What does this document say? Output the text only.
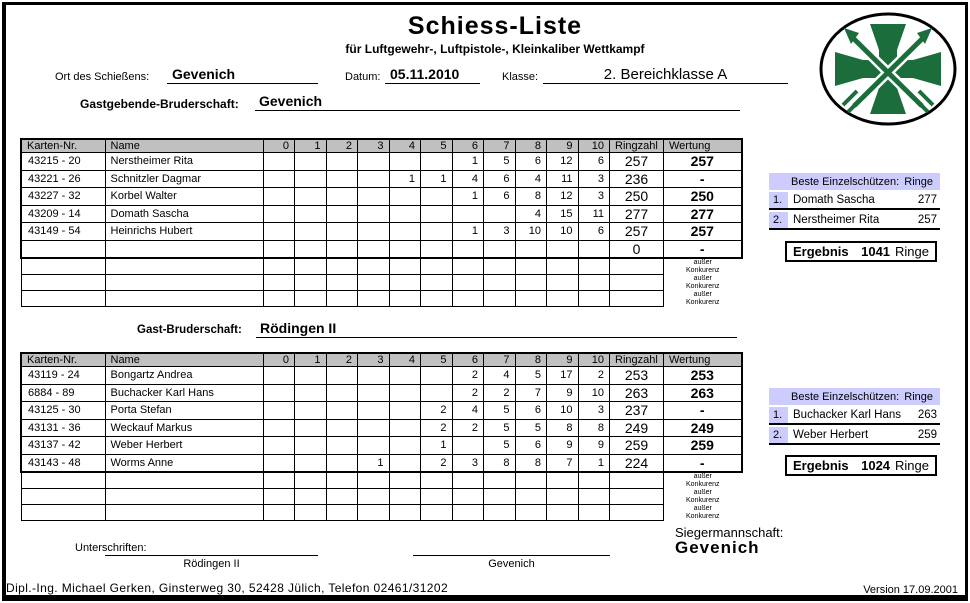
Schiess-Liste
für Luftgewehr-, Luftpistole-, Kleinkaliber Wettkampf
Ort des Schießens:	Gevenich	Datum: 05.11.2010	Klasse:	2. Bereichklasse A
Gastgebende-Bruderschaft: Gevenich
Karten-Nr.	Name	0	1	2	3	4	5	6	7	8	9	10	Ringzahl	Wertung
43215 - 20	Nerstheimer Rita							1	5	6	12	6	257	257
43221 - 26	Schnitzler Dagmar					1	1	4	6	4	11	3	236	-
43227 - 32	Korbel Walter							1	6	8	12	3	250	250
43209 - 14	Domath Sascha									4	15	11	277	277
43149 - 54	Heinrichs Hubert							1	3	10	10	6	257	257
													0	-
														außer Konkurenz
														außer Konkurenz
														außer Konkurenz
Beste Einzelschützen: Ringe
1. Domath Sascha	277
2. Nerstheimer Rita	257
Ergebnis 1041 Ringe
Gast-Bruderschaft: Rödingen II
Karten-Nr.	Name	0	1	2	3	4	5	6	7	8	9	10	Ringzahl	Wertung
43119 - 24	Bongartz Andrea							2	4	5	17	2	253	253
6884 - 89	Buchacker Karl Hans							2	2	7	9	10	263	263
43125 - 30	Porta Stefan						2	4	5	6	10	3	237	-
43131 - 36	Weckauf Markus						2	2	5	5	8	8	249	249
43137 - 42	Weber Herbert						1		5	6	9	9	259	259
43143 - 48	Worms Anne				1		2	3	8	8	7	1	224	-
														außer Konkurenz
														außer Konkurenz
														außer Konkurenz
Beste Einzelschützen: Ringe
1. Buchacker Karl Hans	263
2. Weber Herbert	259
Ergebnis 1024 Ringe
Siegermannschaft:
Gevenich
Unterschriften:
Rödingen II	Gevenich
Dipl.-Ing. Michael Gerken, Ginsterweg 30, 52428 Jülich, Telefon 02461/31202	Version 17.09.2001
